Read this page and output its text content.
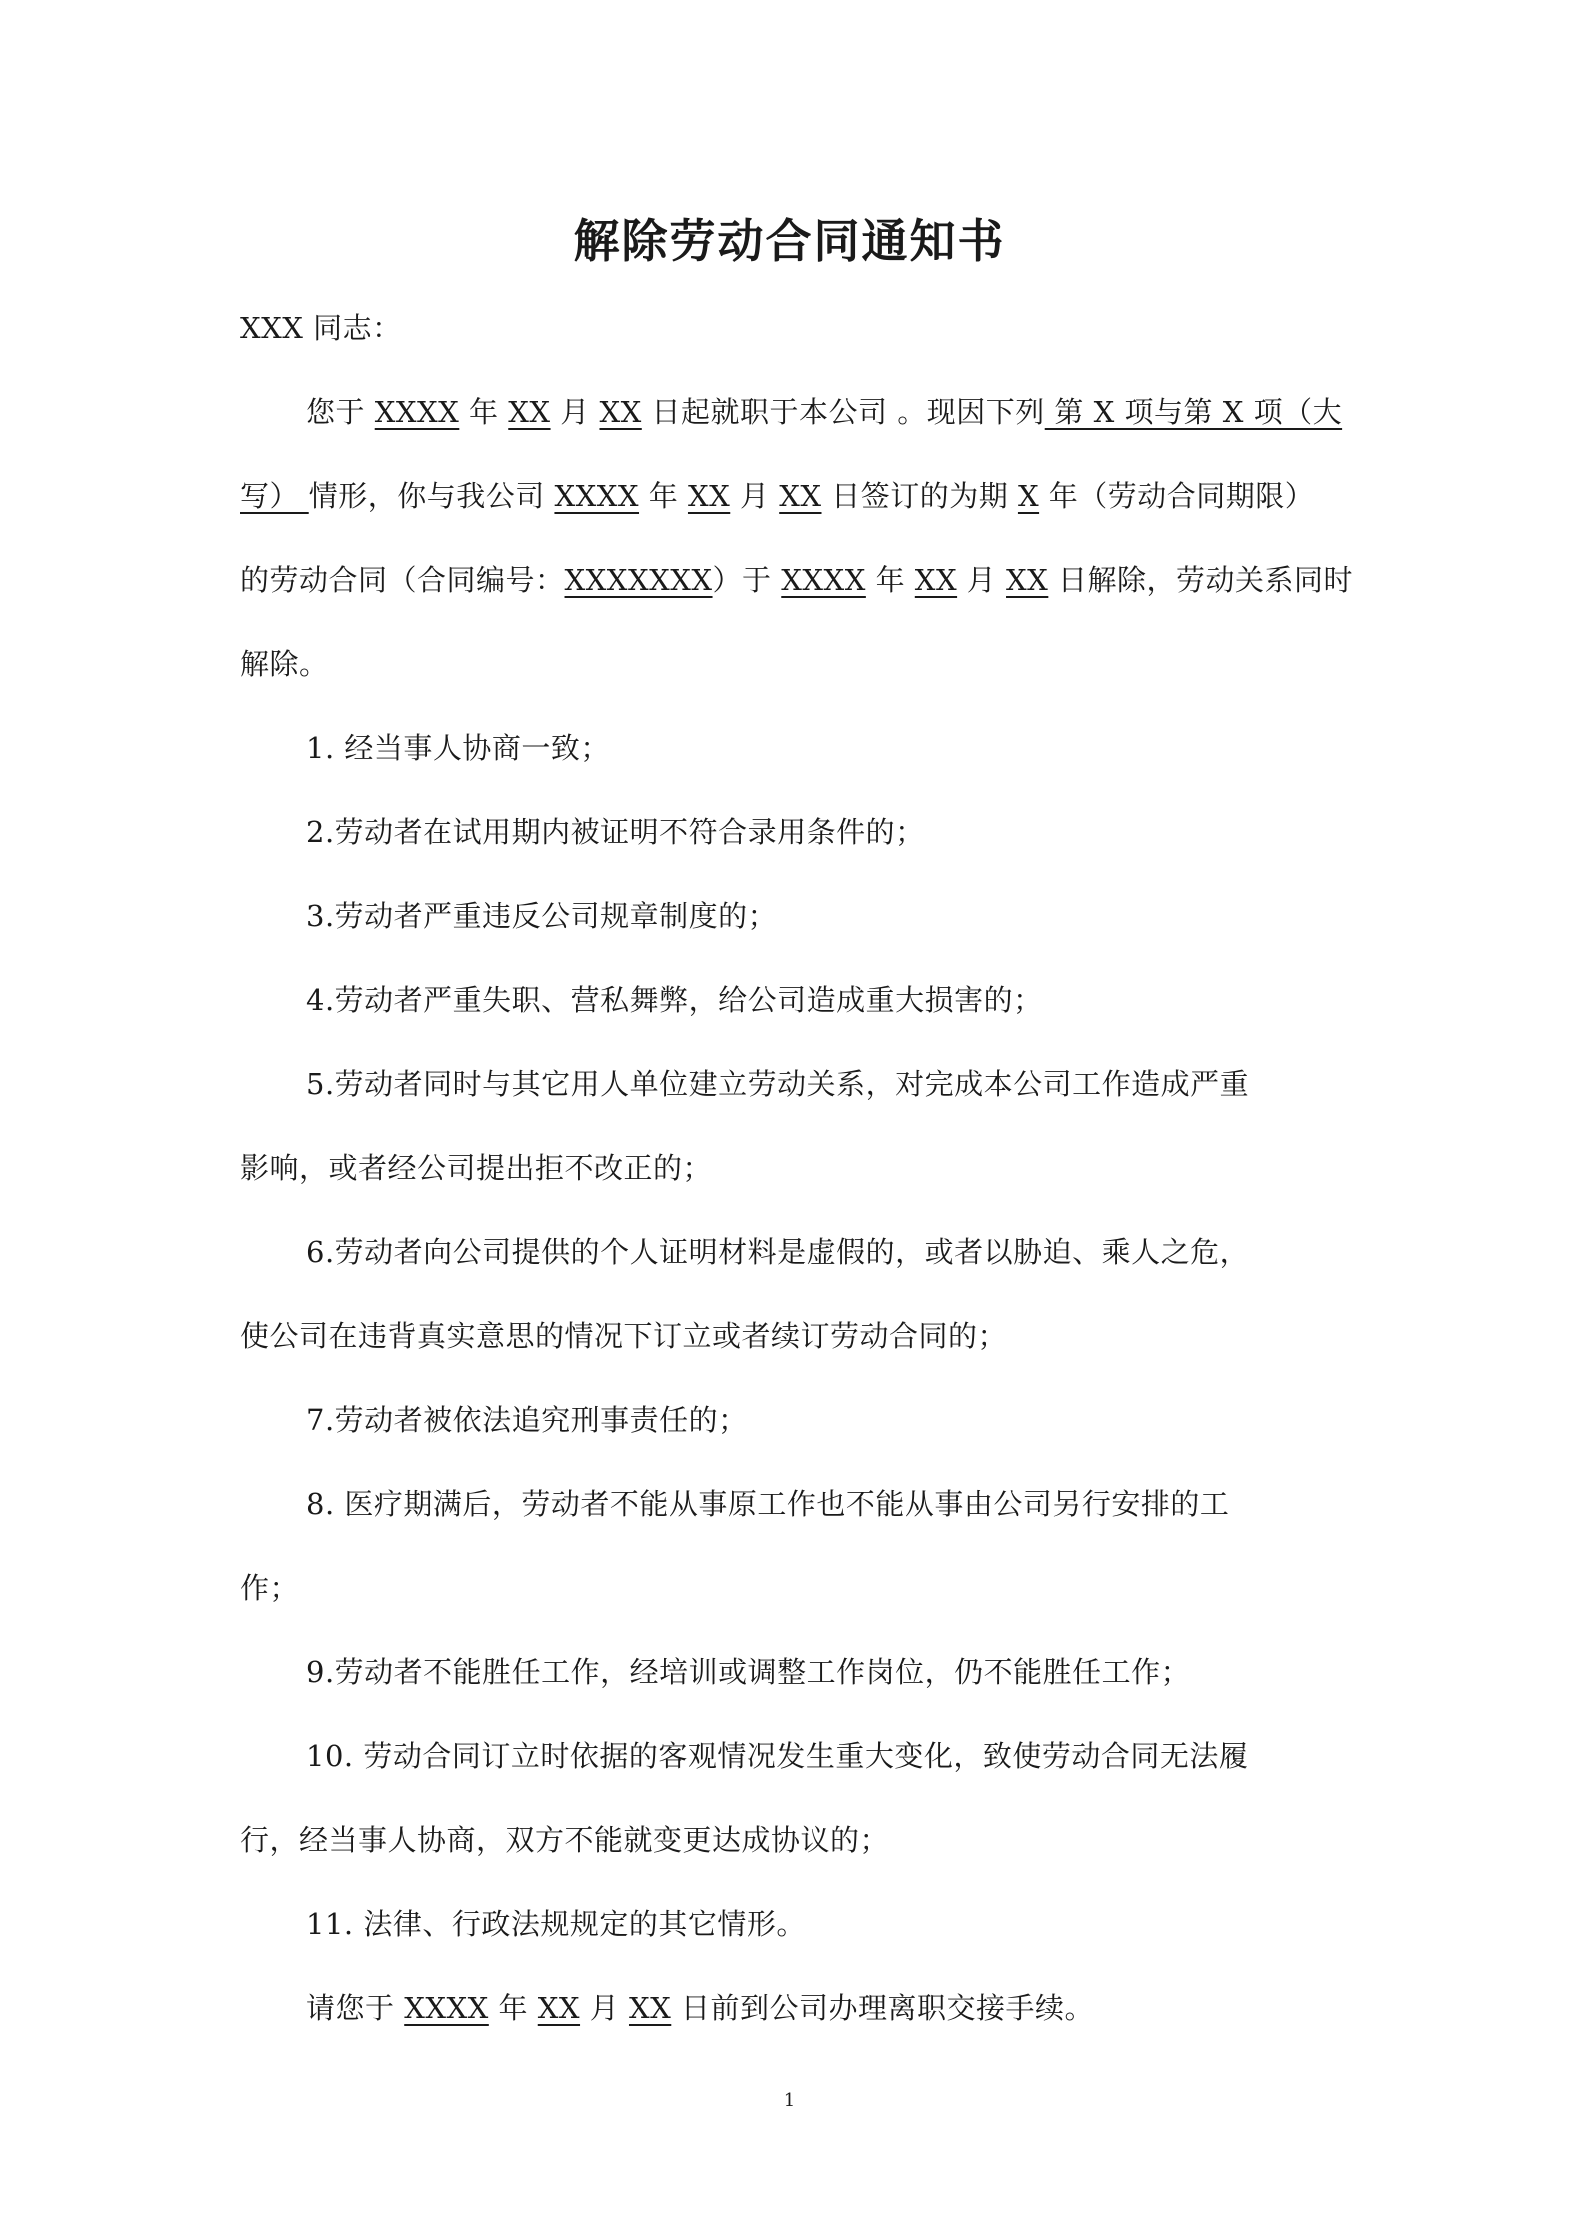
解除劳动合同通知书
XXX 同志：
您于 XXXX 年 XX 月 XX 日起就职于本公司 。现因下列 第 X 项与第 X 项（大
写） 情形，你与我公司 XXXX 年 XX 月 XX 日签订的为期 X 年（劳动合同期限）
的劳动合同（合同编号：XXXXXXX）于 XXXX 年 XX 月 XX 日解除，劳动关系同时
解除。
1. 经当事人协商一致；
2.劳动者在试用期内被证明不符合录用条件的；
3.劳动者严重违反公司规章制度的；
4.劳动者严重失职、营私舞弊，给公司造成重大损害的；
5.劳动者同时与其它用人单位建立劳动关系，对完成本公司工作造成严重
影响，或者经公司提出拒不改正的；
6.劳动者向公司提供的个人证明材料是虚假的，或者以胁迫、乘人之危，
使公司在违背真实意思的情况下订立或者续订劳动合同的；
7.劳动者被依法追究刑事责任的；
8. 医疗期满后，劳动者不能从事原工作也不能从事由公司另行安排的工
作；
9.劳动者不能胜任工作，经培训或调整工作岗位，仍不能胜任工作；
10. 劳动合同订立时依据的客观情况发生重大变化，致使劳动合同无法履
行，经当事人协商，双方不能就变更达成协议的；
11. 法律、行政法规规定的其它情形。
请您于 XXXX 年 XX 月 XX 日前到公司办理离职交接手续。
1
